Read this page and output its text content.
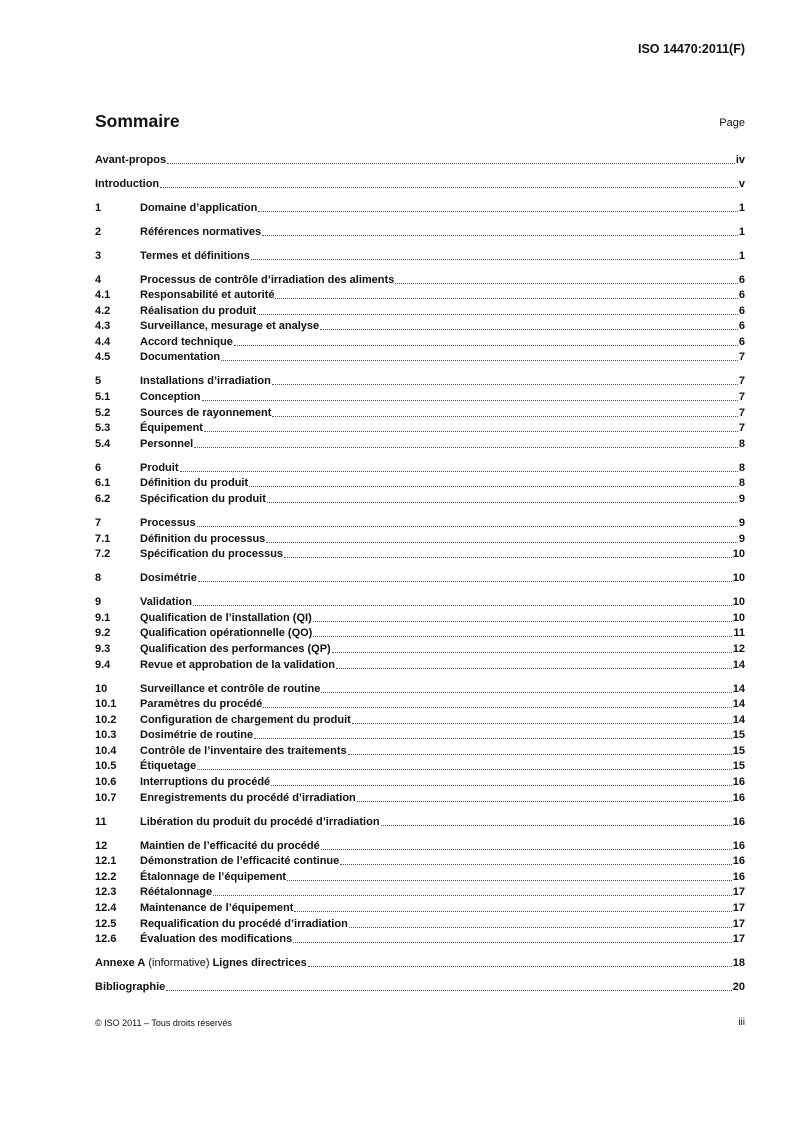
ISO 14470:2011(F)
Sommaire	Page
Avant-propos	iv
Introduction	v
1	Domaine d’application	1
2	Références normatives	1
3	Termes et définitions	1
4	Processus de contrôle d’irradiation des aliments	6
4.1	Responsabilité et autorité	6
4.2	Réalisation du produit	6
4.3	Surveillance, mesurage et analyse	6
4.4	Accord technique	6
4.5	Documentation	7
5	Installations d’irradiation	7
5.1	Conception	7
5.2	Sources de rayonnement	7
5.3	Équipement	7
5.4	Personnel	8
6	Produit	8
6.1	Définition du produit	8
6.2	Spécification du produit	9
7	Processus	9
7.1	Définition du processus	9
7.2	Spécification du processus	10
8	Dosimétrie	10
9	Validation	10
9.1	Qualification de l’installation (QI)	10
9.2	Qualification opérationnelle (QO)	11
9.3	Qualification des performances (QP)	12
9.4	Revue et approbation de la validation	14
10	Surveillance et contrôle de routine	14
10.1	Paramètres du procédé	14
10.2	Configuration de chargement du produit	14
10.3	Dosimétrie de routine	15
10.4	Contrôle de l’inventaire des traitements	15
10.5	Étiquetage	15
10.6	Interruptions du procédé	16
10.7	Enregistrements du procédé d’irradiation	16
11	Libération du produit du procédé d’irradiation	16
12	Maintien de l’efficacité du procédé	16
12.1	Démonstration de l’efficacité continue	16
12.2	Étalonnage de l’équipement	16
12.3	Réétalonnage	17
12.4	Maintenance de l’équipement	17
12.5	Requalification du procédé d’irradiation	17
12.6	Évaluation des modifications	17
Annexe A (informative) Lignes directrices	18
Bibliographie	20
© ISO 2011 – Tous droits réservés	iii
